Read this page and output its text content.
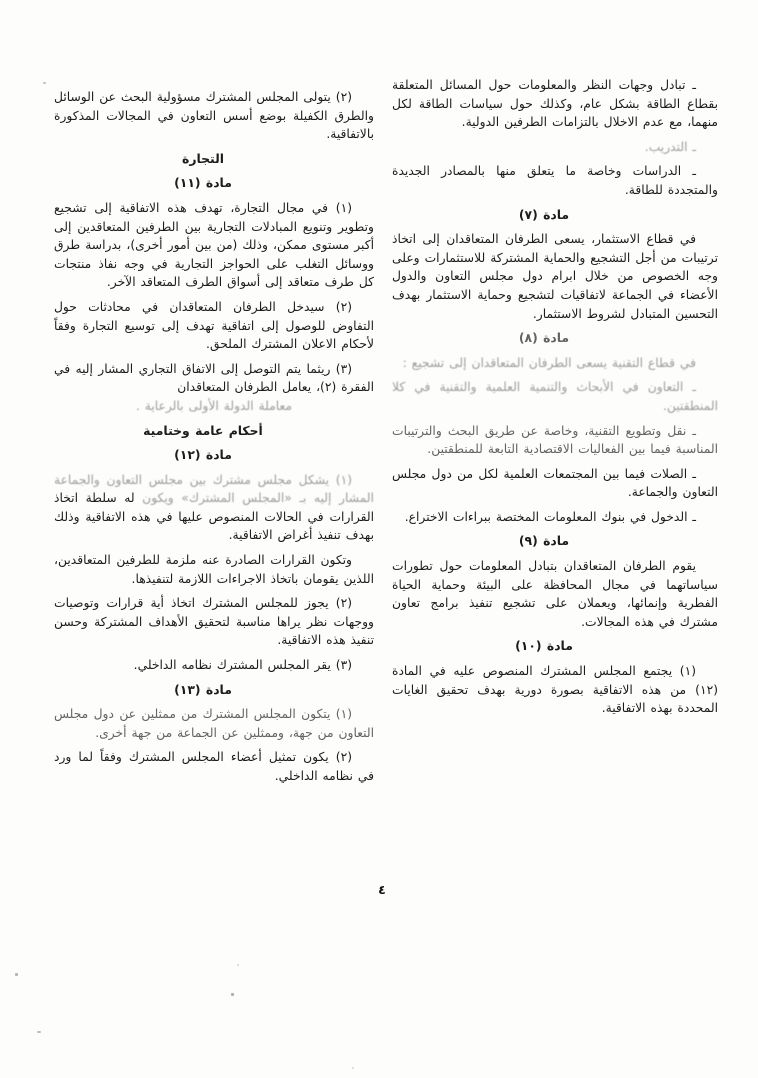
ـ تبادل وجهات النظر والمعلومات حول المسائل المتعلقة بقطاع الطاقة بشكل عام، وكذلك حول سياسات الطاقة لكل منهما، مع عدم الاخلال بالتزامات الطرفين الدولية.

ـ التدريب.

ـ الدراسات وخاصة ما يتعلق منها بالمصادر الجديدة والمتجددة للطاقة.

مادة (٧)

في قطاع الاستثمار، يسعى الطرفان المتعاقدان إلى اتخاذ ترتيبات من أجل التشجيع والحماية المشتركة للاستثمارات وعلى وجه الخصوص من خلال ابرام دول مجلس التعاون والدول الأعضاء في الجماعة لاتفاقيات لتشجيع وحماية الاستثمار بهدف التحسين المتبادل لشروط الاستثمار.

مادة (٨)

في قطاع التقنية يسعى الطرفان المتعاقدان إلى تشجيع :

ـ التعاون في الأبحاث والتنمية العلمية والتقنية في كلا المنطقتين.

ـ نقل وتطويع التقنية، وخاصة عن طريق البحث والترتيبات المناسبة فيما بين الفعاليات الاقتصادية التابعة للمنطقتين.

ـ الصلات فيما بين المجتمعات العلمية لكل من دول مجلس التعاون والجماعة.

ـ الدخول في بنوك المعلومات المختصة ببراءات الاختراع.

مادة (٩)

يقوم الطرفان المتعاقدان بتبادل المعلومات حول تطورات سياساتهما في مجال المحافظة على البيئة وحماية الحياة الفطرية وإنمائها، ويعملان على تشجيع تنفيذ برامج تعاون مشترك في هذه المجالات.

مادة (١٠)

(١) يجتمع المجلس المشترك المنصوص عليه في المادة (١٢) من هذه الاتفاقية بصورة دورية بهدف تحقيق الغايات المحددة بهذه الاتفاقية.

(٢) يتولى المجلس المشترك مسؤولية البحث عن الوسائل والطرق الكفيلة بوضع أسس التعاون في المجالات المذكورة بالاتفاقية.

التجارة

مادة (١١)

(١) في مجال التجارة، تهدف هذه الاتفاقية إلى تشجيع وتطوير وتنويع المبادلات التجارية بين الطرفين المتعاقدين إلى أكبر مستوى ممكن، وذلك (من بين أمور أخرى)، بدراسة طرق ووسائل التغلب على الحواجز التجارية في وجه نفاذ منتجات كل طرف متعاقد إلى أسواق الطرف المتعاقد الآخر.

(٢) سيدخل الطرفان المتعاقدان في محادثات حول التفاوض للوصول إلى اتفاقية تهدف إلى توسيع التجارة وفقاً لأحكام الاعلان المشترك الملحق.

(٣) ريثما يتم التوصل إلى الاتفاق التجاري المشار إليه في الفقرة (٢)، يعامل الطرفان المتعاقدان
معاملة الدولة الأولى بالرعاية .

أحكام عامة وختامية

مادة (١٢)

(١) يشكل مجلس مشترك بين مجلس التعاون والجماعة المشار إليه بـ «المجلس المشترك» ويكون له سلطة اتخاذ القرارات في الحالات المنصوص عليها في هذه الاتفاقية وذلك بهدف تنفيذ أغراض الاتفاقية.

وتكون القرارات الصادرة عنه ملزمة للطرفين المتعاقدين، اللذين يقومان باتخاذ الاجراءات اللازمة لتنفيذها.

(٢) يجوز للمجلس المشترك اتخاذ أية قرارات وتوصيات ووجهات نظر يراها مناسبة لتحقيق الأهداف المشتركة وحسن تنفيذ هذه الاتفاقية.

(٣) يقر المجلس المشترك نظامه الداخلي.

مادة (١٣)

(١) يتكون المجلس المشترك من ممثلين عن دول مجلس التعاون من جهة، وممثلين عن الجماعة من جهة أخرى.

(٢) يكون تمثيل أعضاء المجلس المشترك وفقاً لما ورد في نظامه الداخلي.

٤
